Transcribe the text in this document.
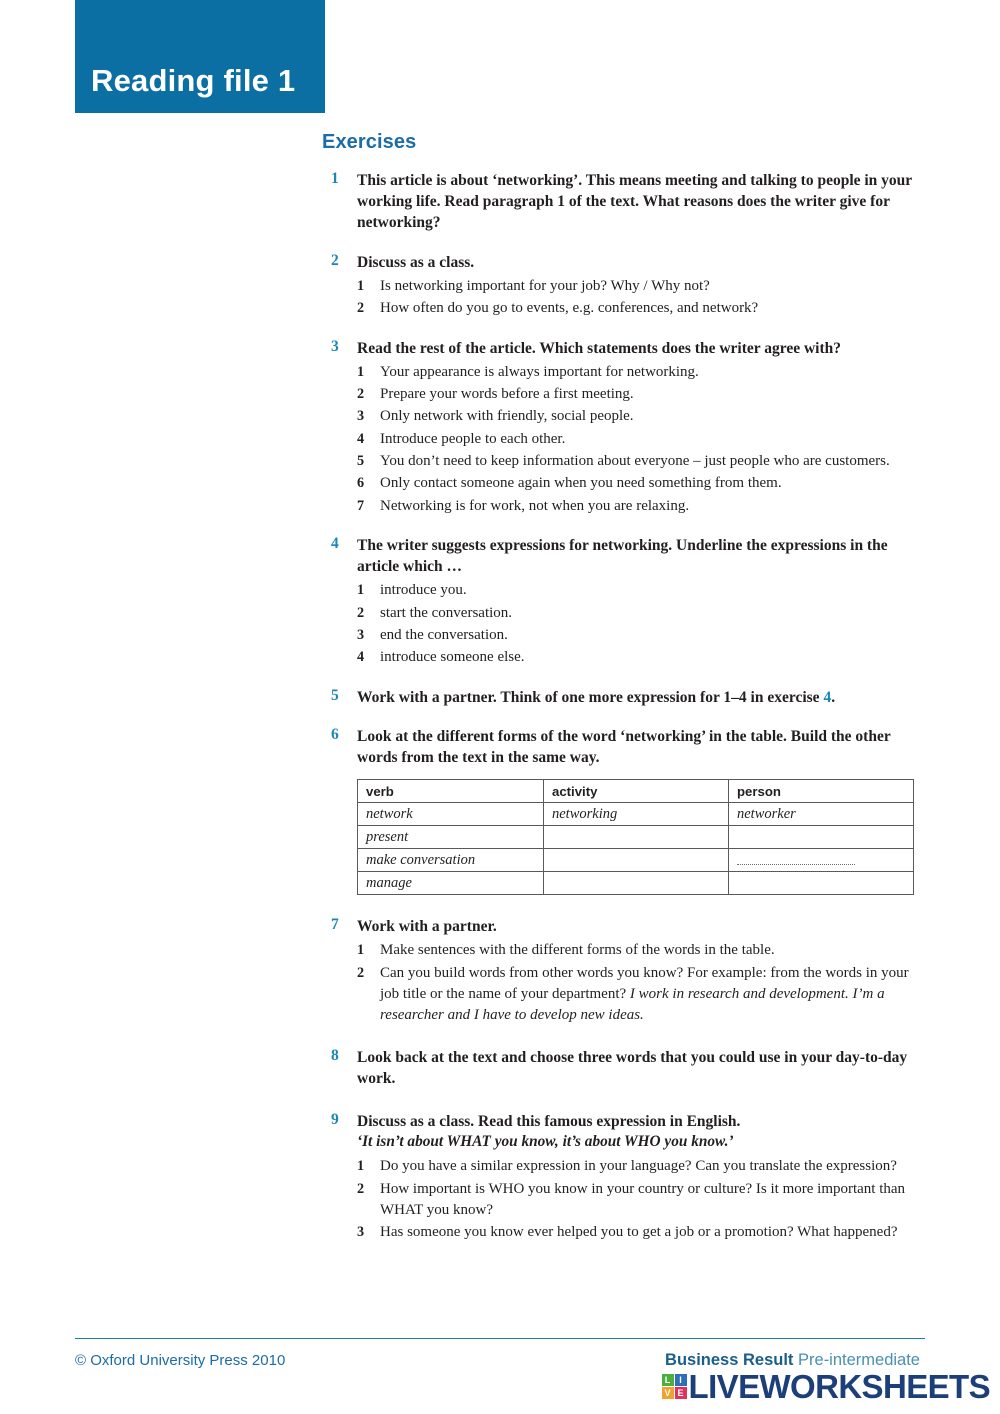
Reading file 1
Exercises
1	This article is about ‘networking’. This means meeting and talking to people in your working life. Read paragraph 1 of the text. What reasons does the writer give for networking?

2	Discuss as a class.

1 Is networking important for your job? Why / Why not?
2 How often do you go to events, e.g. conferences, and network?
3	Read the rest of the article. Which statements does the writer agree with?

1 Your appearance is always important for networking.
2 Prepare your words before a first meeting.
3 Only network with friendly, social people.
4 Introduce people to each other.
5 You don’t need to keep information about everyone – just people who are customers.
6 Only contact someone again when you need something from them.
7 Networking is for work, not when you are relaxing.
4	The writer suggests expressions for networking. Underline the expressions in the article which …

1 introduce you.
2 start the conversation.
3 end the conversation.
4 introduce someone else.
5	Work with a partner. Think of one more expression for 1–4 in exercise 4.

6	Look at the different forms of the word ‘networking’ in the table. Build the other words from the text in the same way.

verb	activity	person
network	networking	networker
present		
make conversation		
manage		
7	Work with a partner.

1 Make sentences with the different forms of the words in the table.
2 Can you build words from other words you know? For example: from the words in your job title or the name of your department? I work in research and development. I’m a researcher and I have to develop new ideas.
8	Look back at the text and choose three words that you could use in your day-to-day work.

9	Discuss as a class. Read this famous expression in English.

‘It isn’t about WHAT you know, it’s about WHO you know.’

1 Do you have a similar expression in your language? Can you translate the expression?
2 How important is WHO you know in your country or culture? Is it more important than WHAT you know?
3 Has someone you know ever helped you to get a job or a promotion? What happened?
© Oxford University Press 2010	Business Result Pre-intermediate
L I
V E LIVEWORKSHEETS
